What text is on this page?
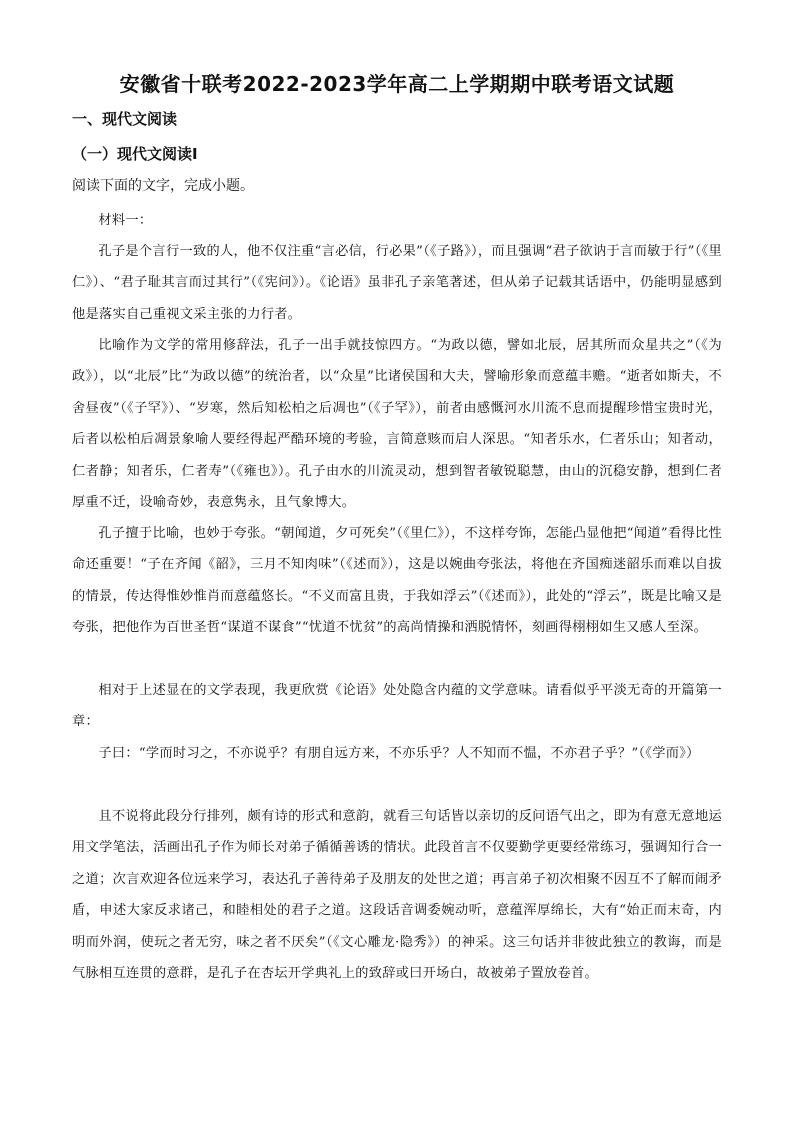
安徽省十联考2022-2023学年高二上学期期中联考语文试题
一、现代文阅读
（一）现代文阅读Ⅰ

阅读下面的文字，完成小题。

材料一：

孔子是个言行一致的人，他不仅注重“言必信，行必果”（《子路》），而且强调“君子欲讷于言而敏于行”（《里仁》）、“君子耻其言而过其行”（《宪问》）。《论语》虽非孔子亲笔著述，但从弟子记载其话语中，仍能明显感到他是落实自己重视文采主张的力行者。

比喻作为文学的常用修辞法，孔子一出手就技惊四方。“为政以德，譬如北辰，居其所而众星共之”（《为政》），以“北辰”比“为政以德”的统治者，以“众星”比诸侯国和大夫，譬喻形象而意蕴丰赡。“逝者如斯夫，不舍昼夜”（《子罕》）、“岁寒，然后知松柏之后凋也”（《子罕》），前者由感慨河水川流不息而提醒珍惜宝贵时光，后者以松柏后凋景象喻人要经得起严酷环境的考验，言简意赅而启人深思。“知者乐水，仁者乐山；知者动，仁者静；知者乐，仁者寿”（《雍也》）。孔子由水的川流灵动，想到智者敏锐聪慧，由山的沉稳安静，想到仁者厚重不迁，设喻奇妙，表意隽永，且气象博大。

孔子擅于比喻，也妙于夸张。“朝闻道，夕可死矣”（《里仁》），不这样夸饰，怎能凸显他把“闻道”看得比性命还重要！“子在齐闻《韶》，三月不知肉味”（《述而》），这是以婉曲夸张法，将他在齐国痴迷韶乐而难以自拔的情景，传达得惟妙惟肖而意蕴悠长。“不义而富且贵，于我如浮云”（《述而》），此处的“浮云”，既是比喻又是夸张，把他作为百世圣哲“谋道不谋食”“忧道不忧贫”的高尚情操和洒脱情怀，刻画得栩栩如生又感人至深。

相对于上述显在的文学表现，我更欣赏《论语》处处隐含内蕴的文学意味。请看似乎平淡无奇的开篇第一章：

子曰：“学而时习之，不亦说乎？有朋自远方来，不亦乐乎？人不知而不愠，不亦君子乎？”（《学而》）

且不说将此段分行排列，颇有诗的形式和意韵，就看三句话皆以亲切的反问语气出之，即为有意无意地运用文学笔法，活画出孔子作为师长对弟子循循善诱的情状。此段首言不仅要勤学更要经常练习，强调知行合一之道；次言欢迎各位远来学习，表达孔子善待弟子及朋友的处世之道；再言弟子初次相聚不因互不了解而闹矛盾，申述大家反求诸己，和睦相处的君子之道。这段话音调委婉动听，意蕴浑厚绵长，大有“始正而末奇，内明而外润，使玩之者无穷，味之者不厌矣”（《文心雕龙·隐秀》）的神采。这三句话并非彼此独立的教诲，而是气脉相互连贯的意群，是孔子在杏坛开学典礼上的致辞或曰开场白，故被弟子置放卷首。
